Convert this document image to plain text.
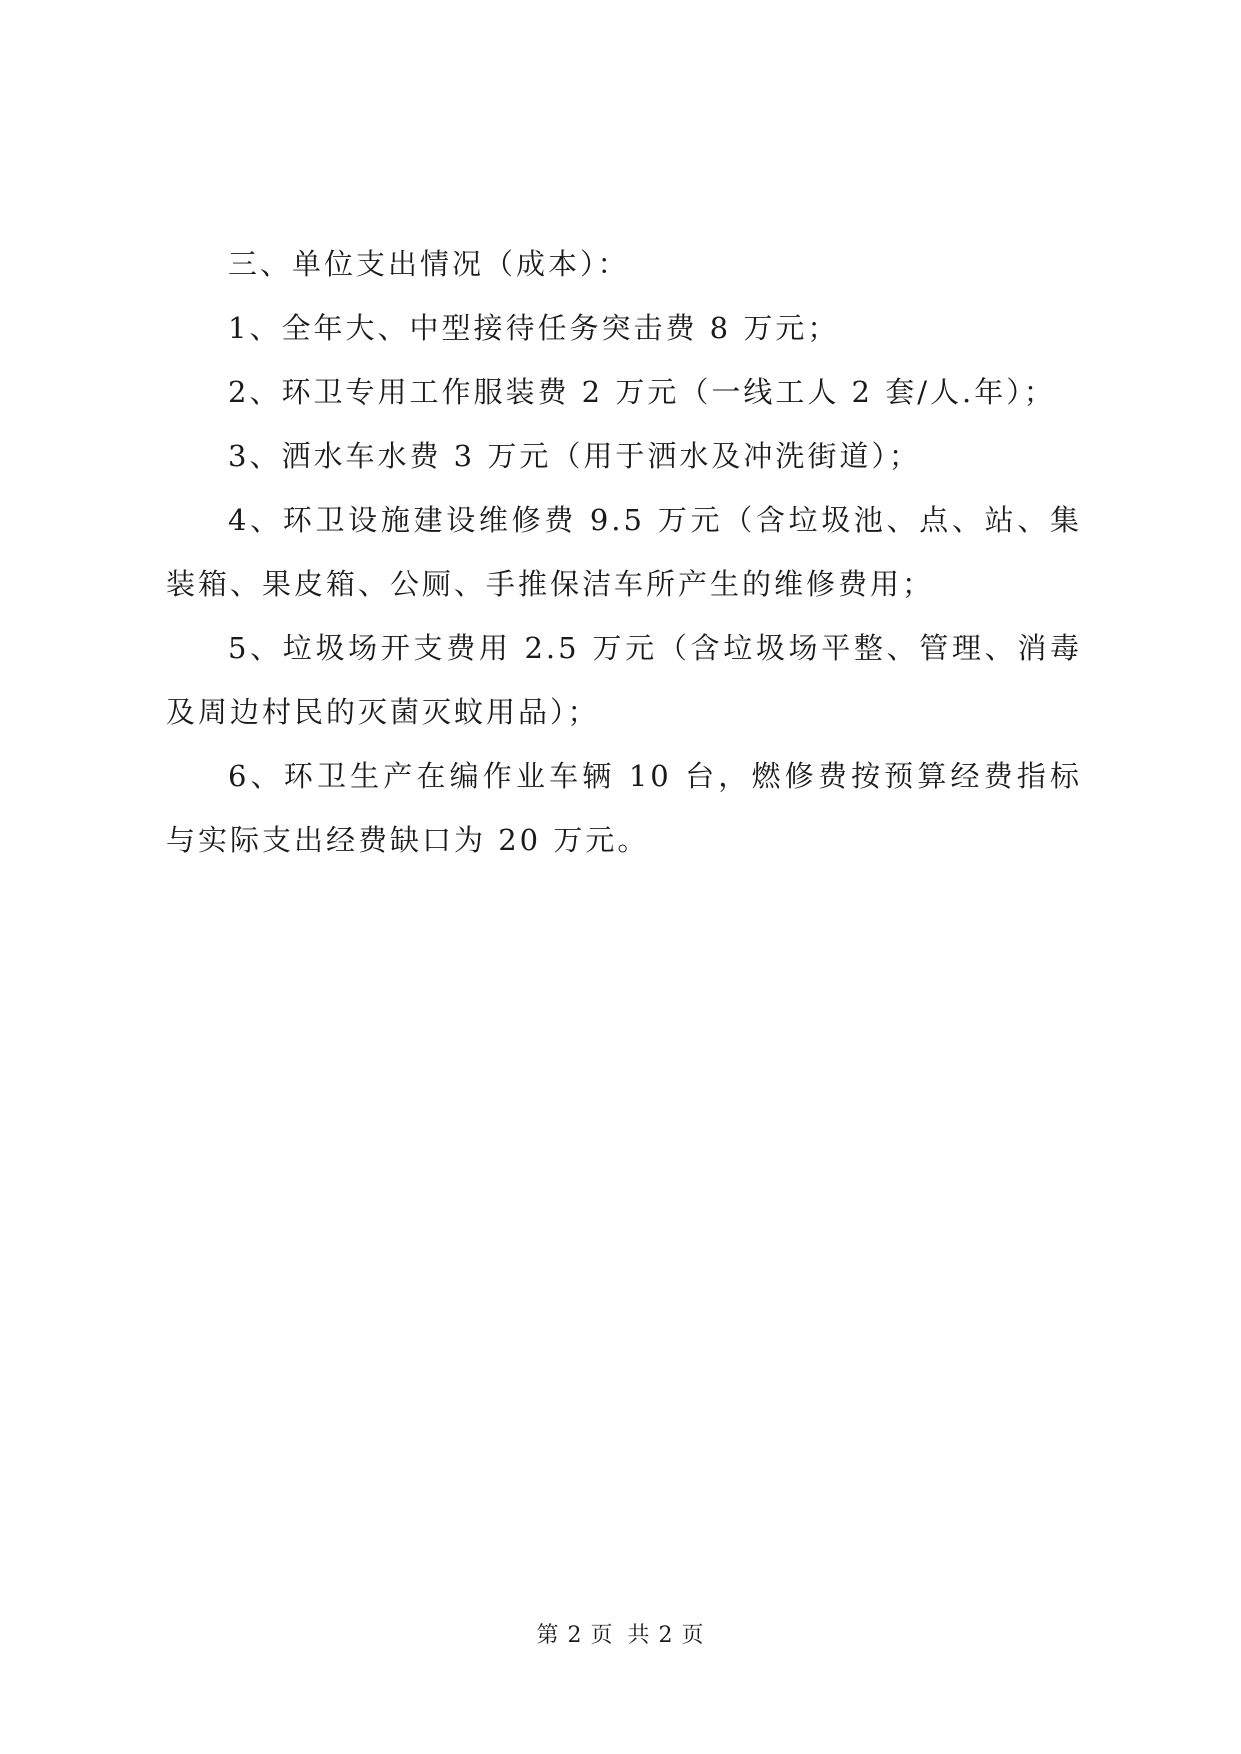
三、单位支出情况（成本）：

1、全年大、中型接待任务突击费 8 万元；

2、环卫专用工作服装费 2 万元（一线工人 2 套/人.年）；

3、洒水车水费 3 万元（用于洒水及冲洗街道）；

4、环卫设施建设维修费 9.5 万元（含垃圾池、点、站、集装箱、果皮箱、公厕、手推保洁车所产生的维修费用；

5、垃圾场开支费用 2.5 万元（含垃圾场平整、管理、消毒及周边村民的灭菌灭蚊用品）；

6、环卫生产在编作业车辆 10 台，燃修费按预算经费指标与实际支出经费缺口为 20 万元。

第 2 页 共 2 页
